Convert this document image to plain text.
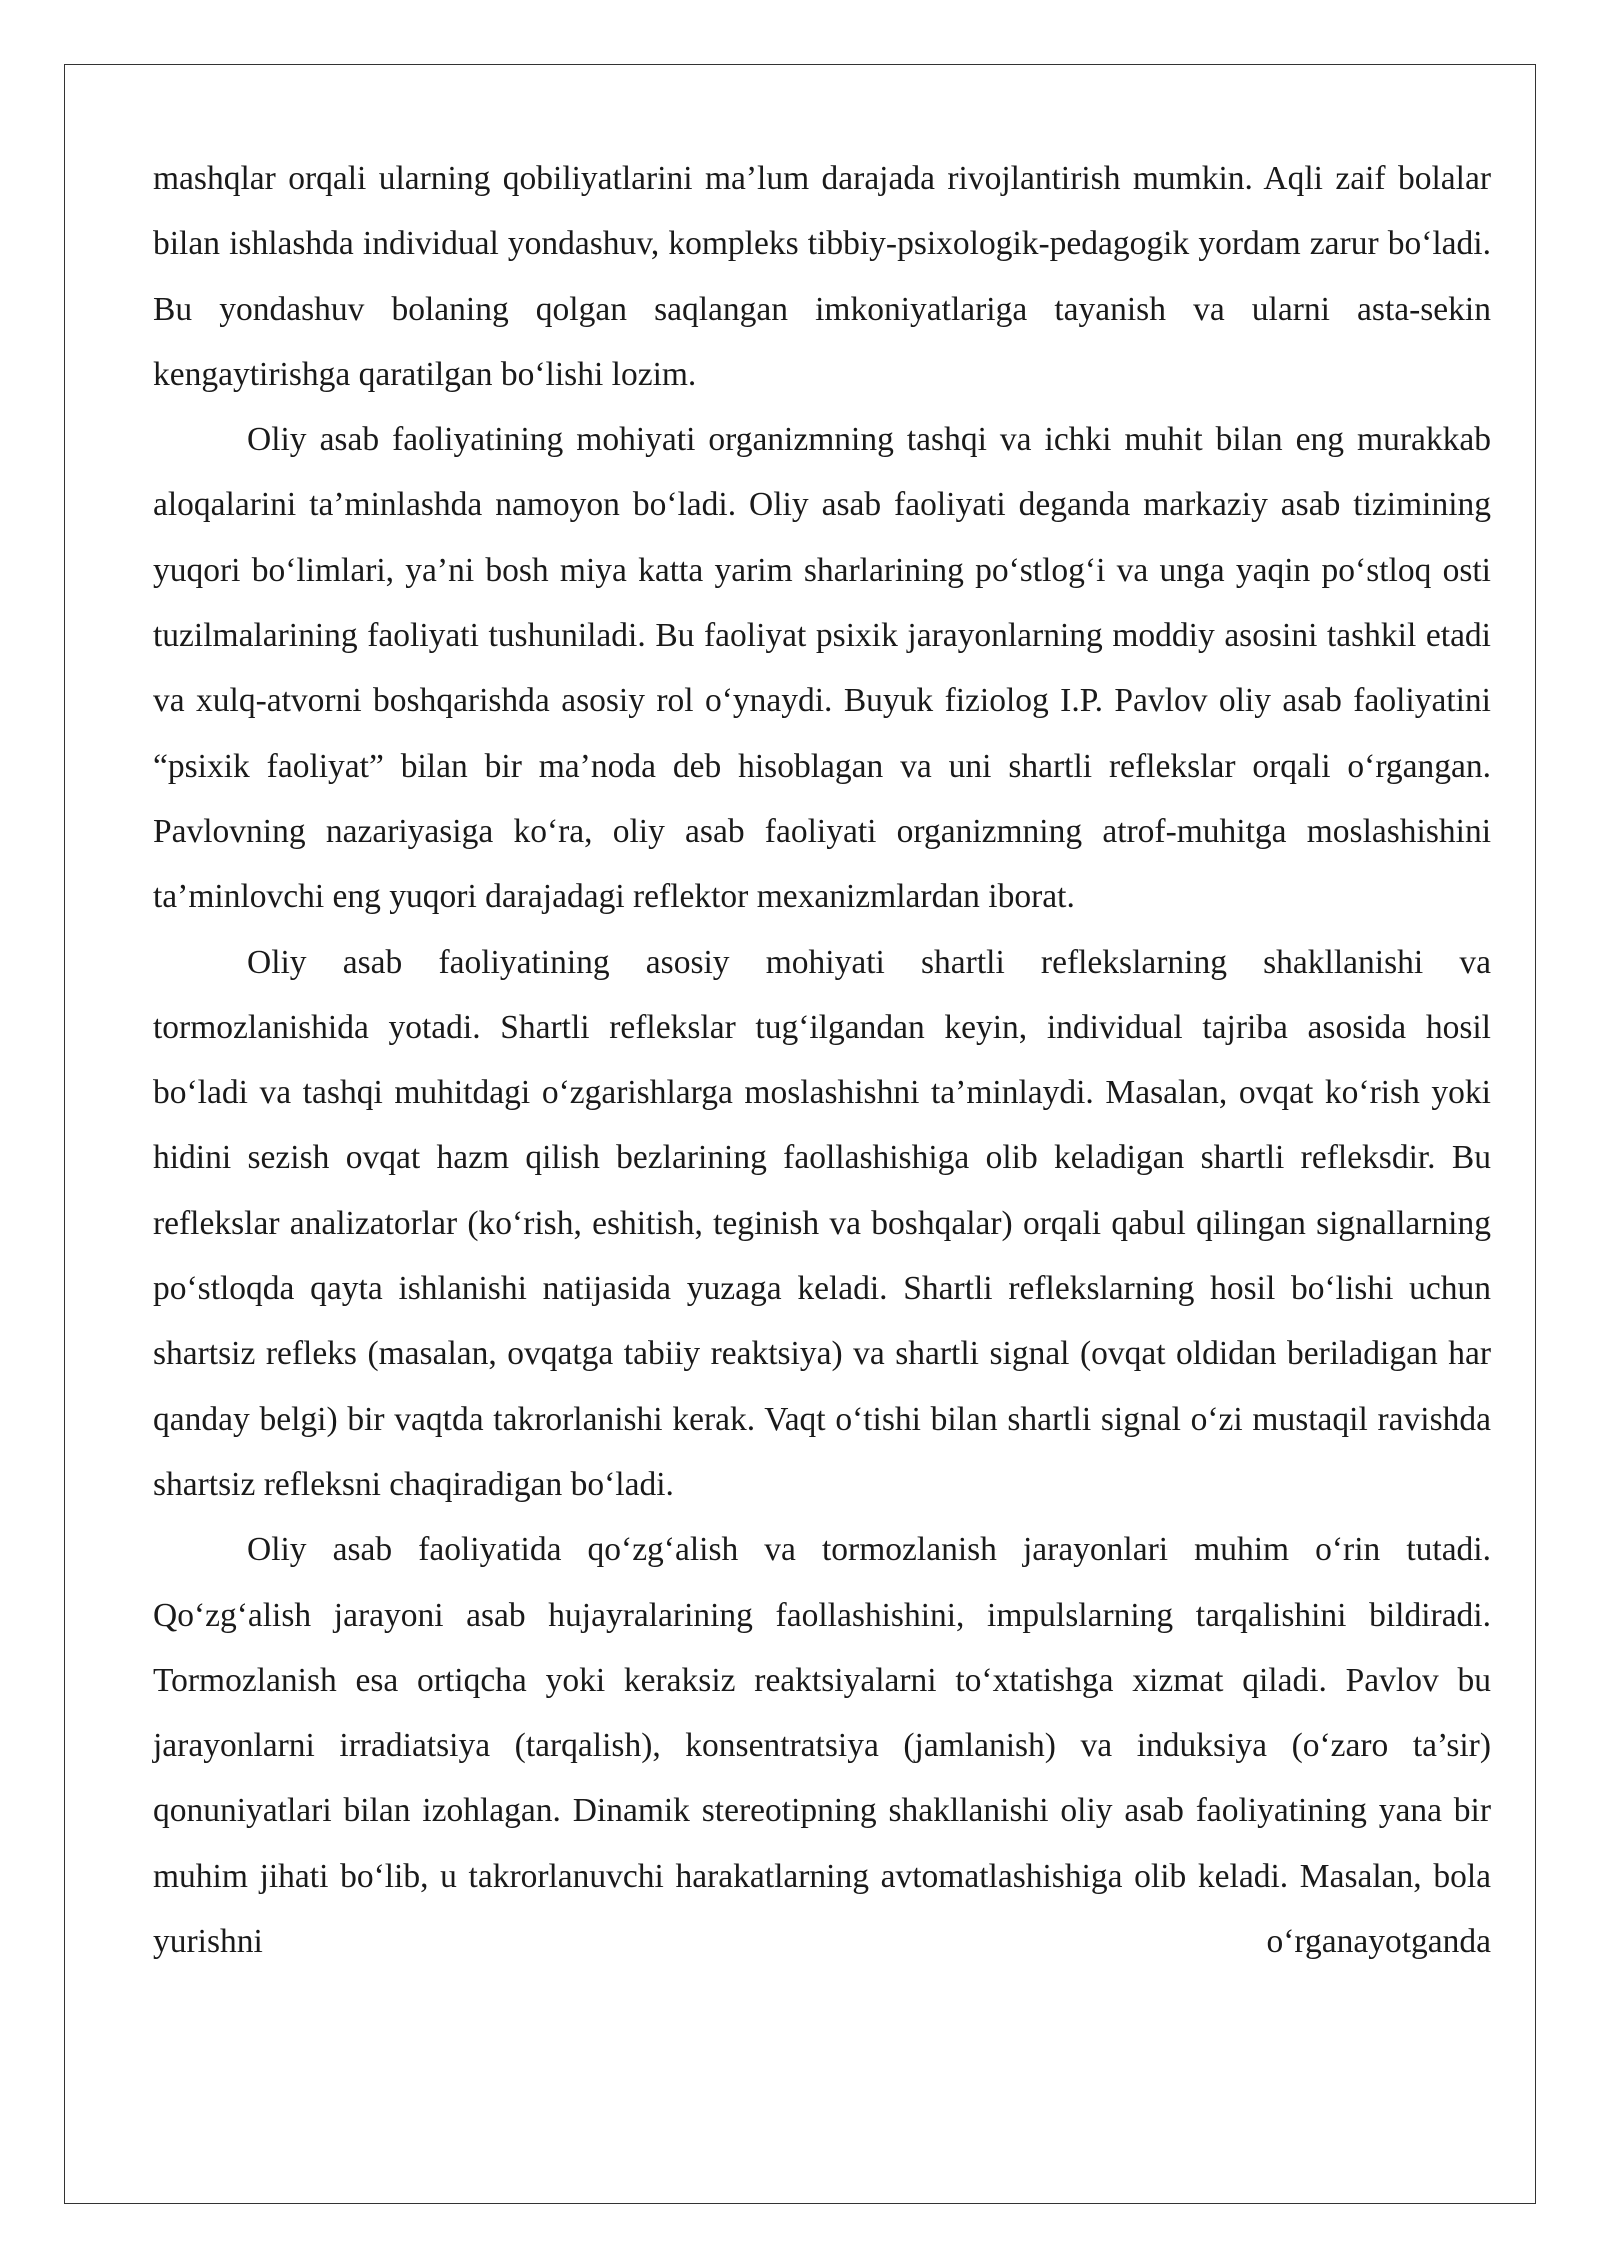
mashqlar orqali ularning qobiliyatlarini ma’lum darajada rivojlantirish mumkin. Aqli zaif bolalar bilan ishlashda individual yondashuv, kompleks tibbiy-psixologik-pedagogik yordam zarur bo‘ladi. Bu yondashuv bolaning qolgan saqlangan imkoniyatlariga tayanish va ularni asta-sekin kengaytirishga qaratilgan bo‘lishi lozim.

Oliy asab faoliyatining mohiyati organizmning tashqi va ichki muhit bilan eng murakkab aloqalarini ta’minlashda namoyon bo‘ladi. Oliy asab faoliyati deganda markaziy asab tizimining yuqori bo‘limlari, ya’ni bosh miya katta yarim sharlarining po‘stlog‘i va unga yaqin po‘stloq osti tuzilmalarining faoliyati tushuniladi. Bu faoliyat psixik jarayonlarning moddiy asosini tashkil etadi va xulq-atvorni boshqarishda asosiy rol o‘ynaydi. Buyuk fiziolog I.P. Pavlov oliy asab faoliyatini “psixik faoliyat” bilan bir ma’noda deb hisoblagan va uni shartli reflekslar orqali o‘rgangan. Pavlovning nazariyasiga ko‘ra, oliy asab faoliyati organizmning atrof-muhitga moslashishini ta’minlovchi eng yuqori darajadagi reflektor mexanizmlardan iborat.

Oliy asab faoliyatining asosiy mohiyati shartli reflekslarning shakllanishi va tormozlanishida yotadi. Shartli reflekslar tug‘ilgandan keyin, individual tajriba asosida hosil bo‘ladi va tashqi muhitdagi o‘zgarishlarga moslashishni ta’minlaydi. Masalan, ovqat ko‘rish yoki hidini sezish ovqat hazm qilish bezlarining faollashishiga olib keladigan shartli refleksdir. Bu reflekslar analizatorlar (ko‘rish, eshitish, teginish va boshqalar) orqali qabul qilingan signallarning po‘stloqda qayta ishlanishi natijasida yuzaga keladi. Shartli reflekslarning hosil bo‘lishi uchun shartsiz refleks (masalan, ovqatga tabiiy reaktsiya) va shartli signal (ovqat oldidan beriladigan har qanday belgi) bir vaqtda takrorlanishi kerak. Vaqt o‘tishi bilan shartli signal o‘zi mustaqil ravishda shartsiz refleksni chaqiradigan bo‘ladi.

Oliy asab faoliyatida qo‘zg‘alish va tormozlanish jarayonlari muhim o‘rin tutadi. Qo‘zg‘alish jarayoni asab hujayralarining faollashishini, impulslarning tarqalishini bildiradi. Tormozlanish esa ortiqcha yoki keraksiz reaktsiyalarni to‘xtatishga xizmat qiladi. Pavlov bu jarayonlarni irradiatsiya (tarqalish), konsentratsiya (jamlanish) va induksiya (o‘zaro ta’sir) qonuniyatlari bilan izohlagan. Dinamik stereotipning shakllanishi oliy asab faoliyatining yana bir muhim jihati bo‘lib, u takrorlanuvchi harakatlarning avtomatlashishiga olib keladi. Masalan, bola yurishni o‘rganayotganda
